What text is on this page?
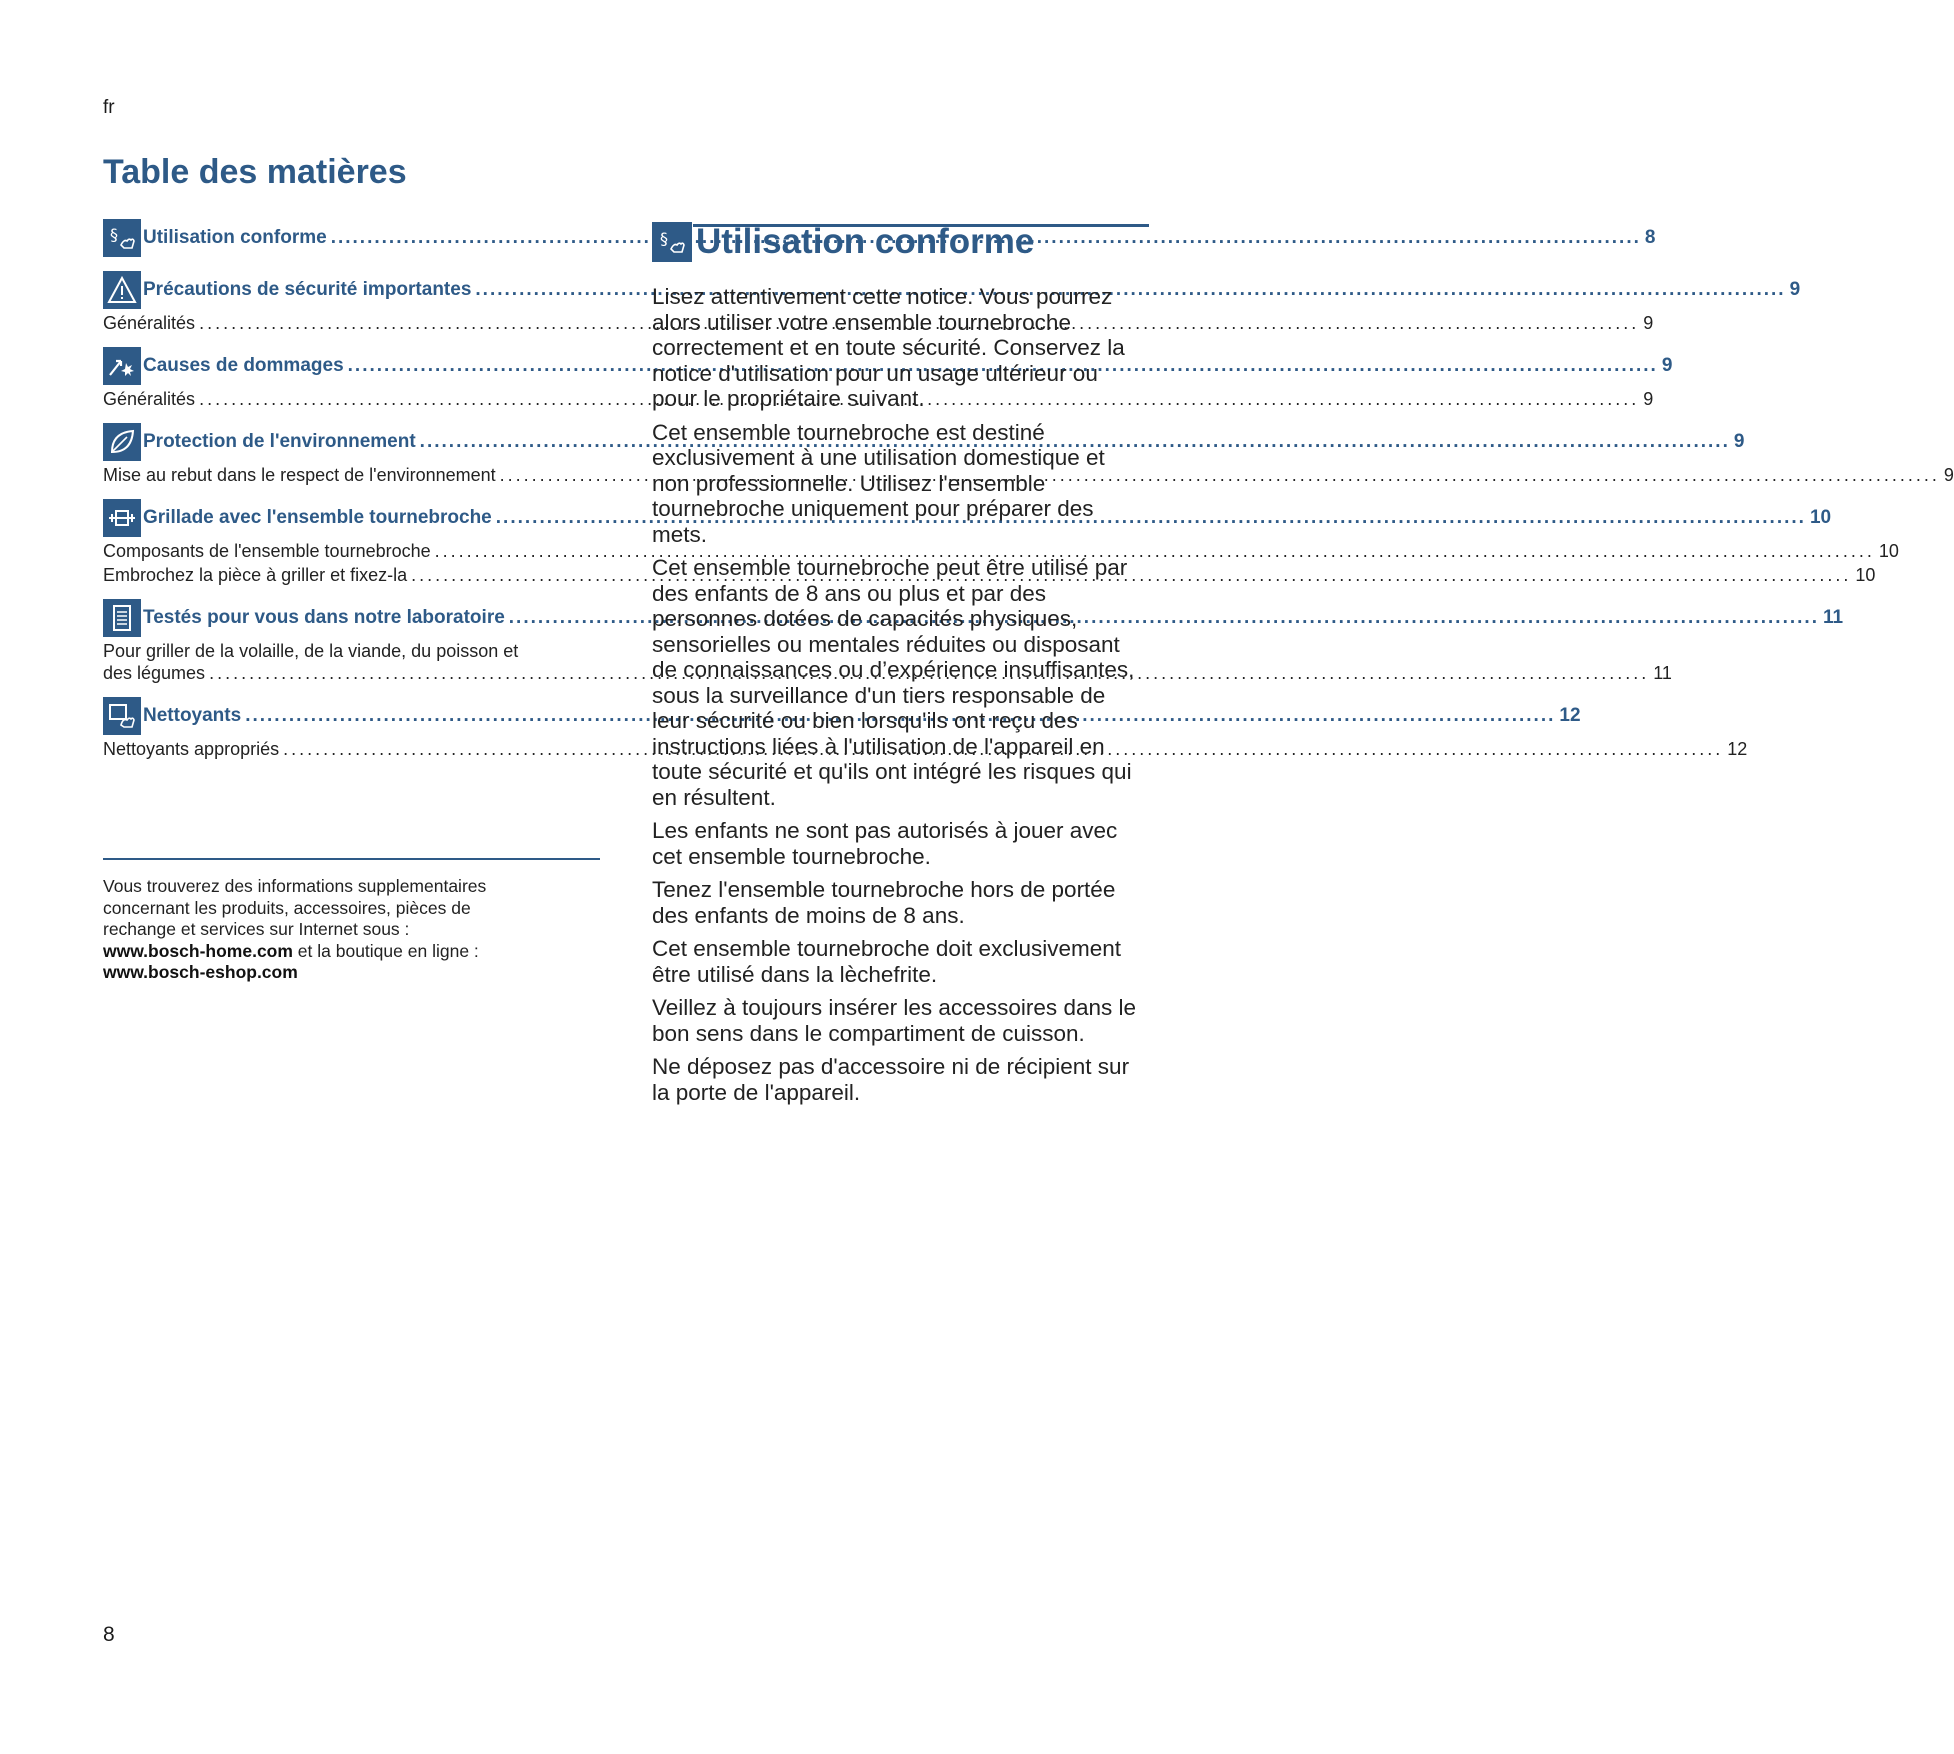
fr
Table des matières
§ Utilisation conforme .....	8
Précautions de sécurité importantes .....	9
Généralités .....	9
Causes de dommages .....	9
Généralités .....	9
Protection de l'environnement .....	9
Mise au rebut dans le respect de l'environnement .....	9
Grillade avec l'ensemble tournebroche .....	10
Composants de l'ensemble tournebroche .....	10
Embrochez la pièce à griller et fixez-la .....	10
Testés pour vous dans notre laboratoire .....	11
Pour griller de la volaille, de la viande, du poisson et
des légumes .....	11
Nettoyants .....	12
Nettoyants appropriés .....	12
Vous trouverez des informations supplementaires
concernant les produits, accessoires, pièces de
rechange et services sur Internet sous :
www.bosch-home.com et la boutique en ligne :
www.bosch-eshop.com
§ Utilisation conforme

Lisez attentivement cette notice. Vous pourrez alors utiliser votre ensemble tournebroche correctement et en toute sécurité. Conservez la notice d'utilisation pour un usage ultérieur ou pour le propriétaire suivant.

Cet ensemble tournebroche est destiné exclusivement à une utilisation domestique et non professionnelle. Utilisez l'ensemble tournebroche uniquement pour préparer des mets.

Cet ensemble tournebroche peut être utilisé par des enfants de 8 ans ou plus et par des personnes dotées de capacités physiques, sensorielles ou mentales réduites ou disposant de connaissances ou d’expérience insuffisantes, sous la surveillance d'un tiers responsable de leur sécurité ou bien lorsqu'ils ont reçu des instructions liées à l'utilisation de l'appareil en toute sécurité et qu'ils ont intégré les risques qui en résultent.

Les enfants ne sont pas autorisés à jouer avec cet ensemble tournebroche.

Tenez l'ensemble tournebroche hors de portée des enfants de moins de 8 ans.

Cet ensemble tournebroche doit exclusivement être utilisé dans la lèchefrite.

Veillez à toujours insérer les accessoires dans le bon sens dans le compartiment de cuisson.

Ne déposez pas d'accessoire ni de récipient sur la porte de l'appareil.

8
